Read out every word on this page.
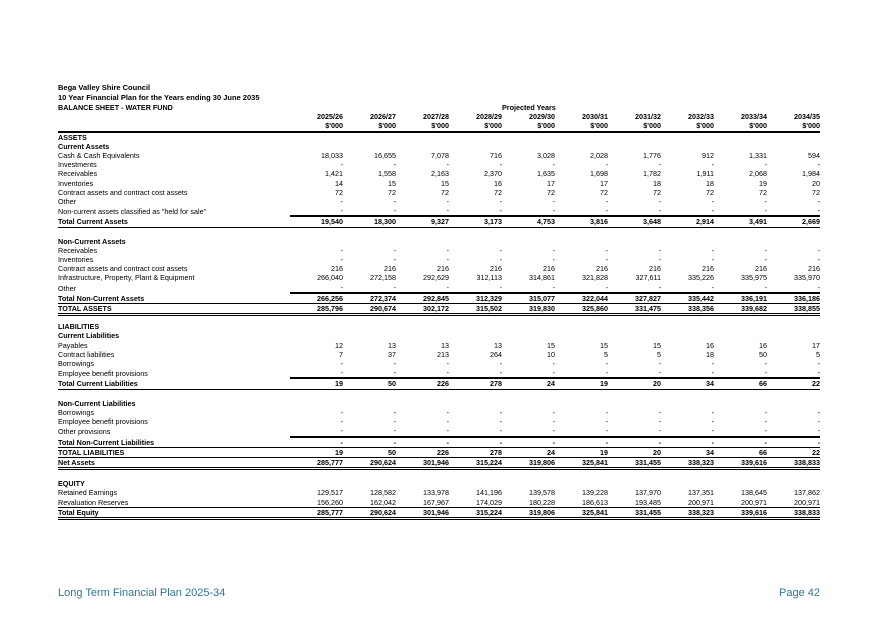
Bega Valley Shire Council
10 Year Financial Plan for the Years ending 30 June 2035
BALANCE SHEET - WATER FUND					Projected Years					
	2025/26	2026/27	2027/28	2028/29	2029/30	2030/31	2031/32	2032/33	2033/34	2034/35
	$'000	$'000	$'000	$'000	$'000	$'000	$'000	$'000	$'000	$'000
ASSETS										
Current Assets										
Cash & Cash Equivalents	18,033	16,655	7,078	716	3,028	2,028	1,776	912	1,331	594
Investments	-	-	-	-	-	-	-	-	-	-
Receivables	1,421	1,558	2,163	2,370	1,635	1,698	1,782	1,911	2,068	1,984
Inventories	14	15	15	16	17	17	18	18	19	20
Contract assets and contract cost assets	72	72	72	72	72	72	72	72	72	72
Other	-	-	-	-	-	-	-	-	-	-
Non-current assets classified as "held for sale"	-	-	-	-	-	-	-	-	-	-
Total Current Assets	19,540	18,300	9,327	3,173	4,753	3,816	3,648	2,914	3,491	2,669

Non-Current Assets										
Receivables	-	-	-	-	-	-	-	-	-	-
Inventories	-	-	-	-	-	-	-	-	-	-
Contract assets and contract cost assets	216	216	216	216	216	216	216	216	216	216
Infrastructure, Property, Plant & Equipment	266,040	272,158	292,629	312,113	314,861	321,828	327,611	335,226	335,975	335,970
Other	-	-	-	-	-	-	-	-	-	-
Total Non-Current Assets	266,256	272,374	292,845	312,329	315,077	322,044	327,827	335,442	336,191	336,186
TOTAL ASSETS	285,796	290,674	302,172	315,502	319,830	325,860	331,475	338,356	339,682	338,855

LIABILITIES										
Current Liabilities										
Payables	12	13	13	13	15	15	15	16	16	17
Contract liabilities	7	37	213	264	10	5	5	18	50	5
Borrowings	-	-	-	-	-	-	-	-	-	-
Employee benefit provisions	-	-	-	-	-	-	-	-	-	-
Total Current Liabilities	19	50	226	278	24	19	20	34	66	22

Non-Current Liabilities										
Borrowings	-	-	-	-	-	-	-	-	-	-
Employee benefit provisions	-	-	-	-	-	-	-	-	-	-
Other provisions	-	-	-	-	-	-	-	-	-	-
Total Non-Current Liabilities	-	-	-	-	-	-	-	-	-	-
TOTAL LIABILITIES	19	50	226	278	24	19	20	34	66	22
Net Assets	285,777	290,624	301,946	315,224	319,806	325,841	331,455	338,323	339,616	338,833

EQUITY										
Retained Earnings	129,517	128,582	133,978	141,196	139,578	139,228	137,970	137,351	138,645	137,862
Revaluation Reserves	156,260	162,042	167,967	174,029	180,228	186,613	193,485	200,971	200,971	200,971
Total Equity	285,777	290,624	301,946	315,224	319,806	325,841	331,455	338,323	339,616	338,833
Long Term Financial Plan 2025-34	Page 42
